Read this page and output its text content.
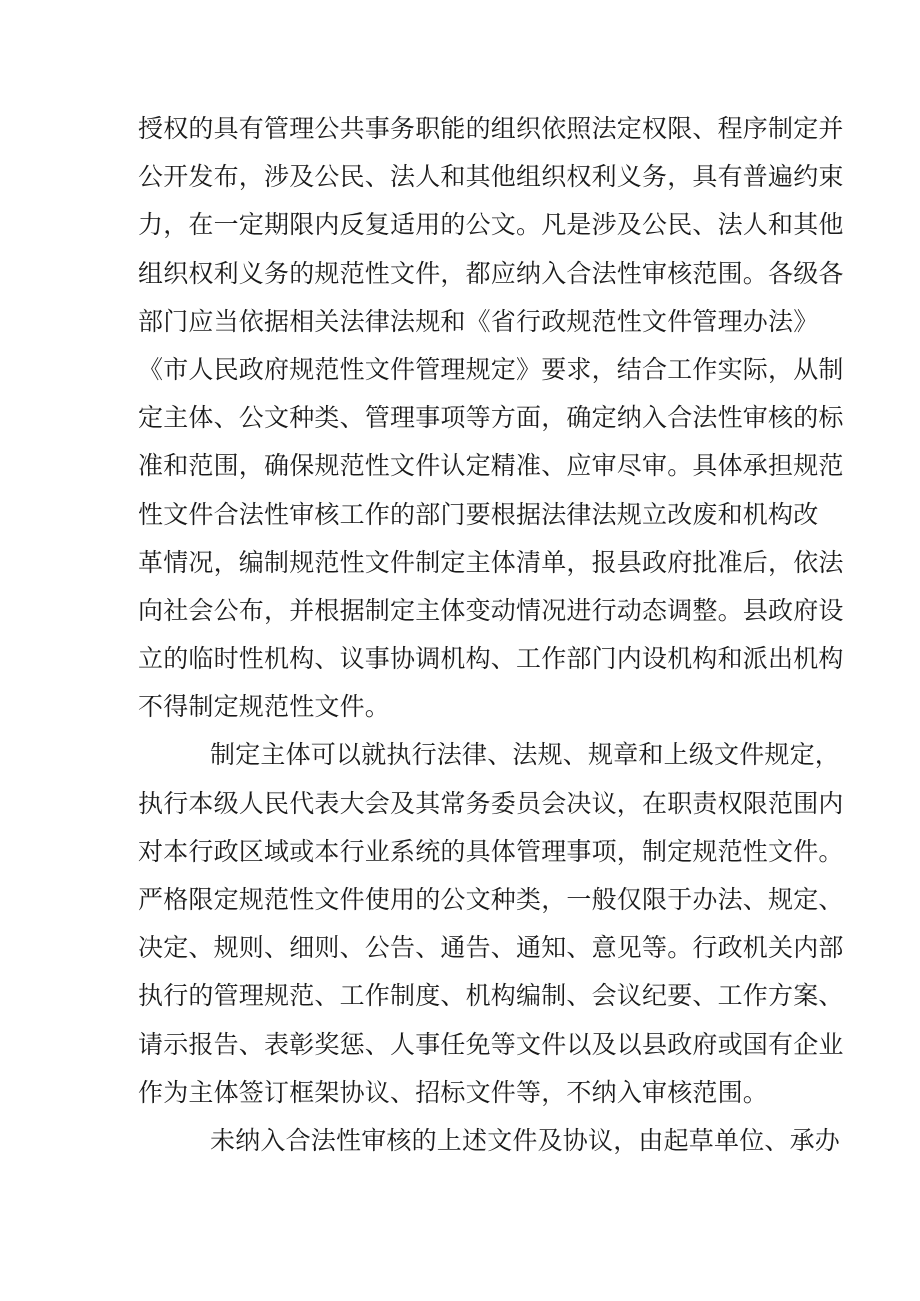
授权的具有管理公共事务职能的组织依照法定权限、程序制定并
公开发布，涉及公民、法人和其他组织权利义务，具有普遍约束
力，在一定期限内反复适用的公文。凡是涉及公民、法人和其他
组织权利义务的规范性文件，都应纳入合法性审核范围。各级各
部门应当依据相关法律法规和《省行政规范性文件管理办法》
《市人民政府规范性文件管理规定》要求，结合工作实际，从制
定主体、公文种类、管理事项等方面，确定纳入合法性审核的标
准和范围，确保规范性文件认定精准、应审尽审。具体承担规范
性文件合法性审核工作的部门要根据法律法规立改废和机构改
革情况，编制规范性文件制定主体清单，报县政府批准后，依法
向社会公布，并根据制定主体变动情况进行动态调整。县政府设
立的临时性机构、议事协调机构、工作部门内设机构和派出机构
不得制定规范性文件。
制定主体可以就执行法律、法规、规章和上级文件规定，
执行本级人民代表大会及其常务委员会决议，在职责权限范围内
对本行政区域或本行业系统的具体管理事项，制定规范性文件。
严格限定规范性文件使用的公文种类，一般仅限于办法、规定、
决定、规则、细则、公告、通告、通知、意见等。行政机关内部
执行的管理规范、工作制度、机构编制、会议纪要、工作方案、
请示报告、表彰奖惩、人事任免等文件以及以县政府或国有企业
作为主体签订框架协议、招标文件等，不纳入审核范围。
未纳入合法性审核的上述文件及协议，由起草单位、承办
